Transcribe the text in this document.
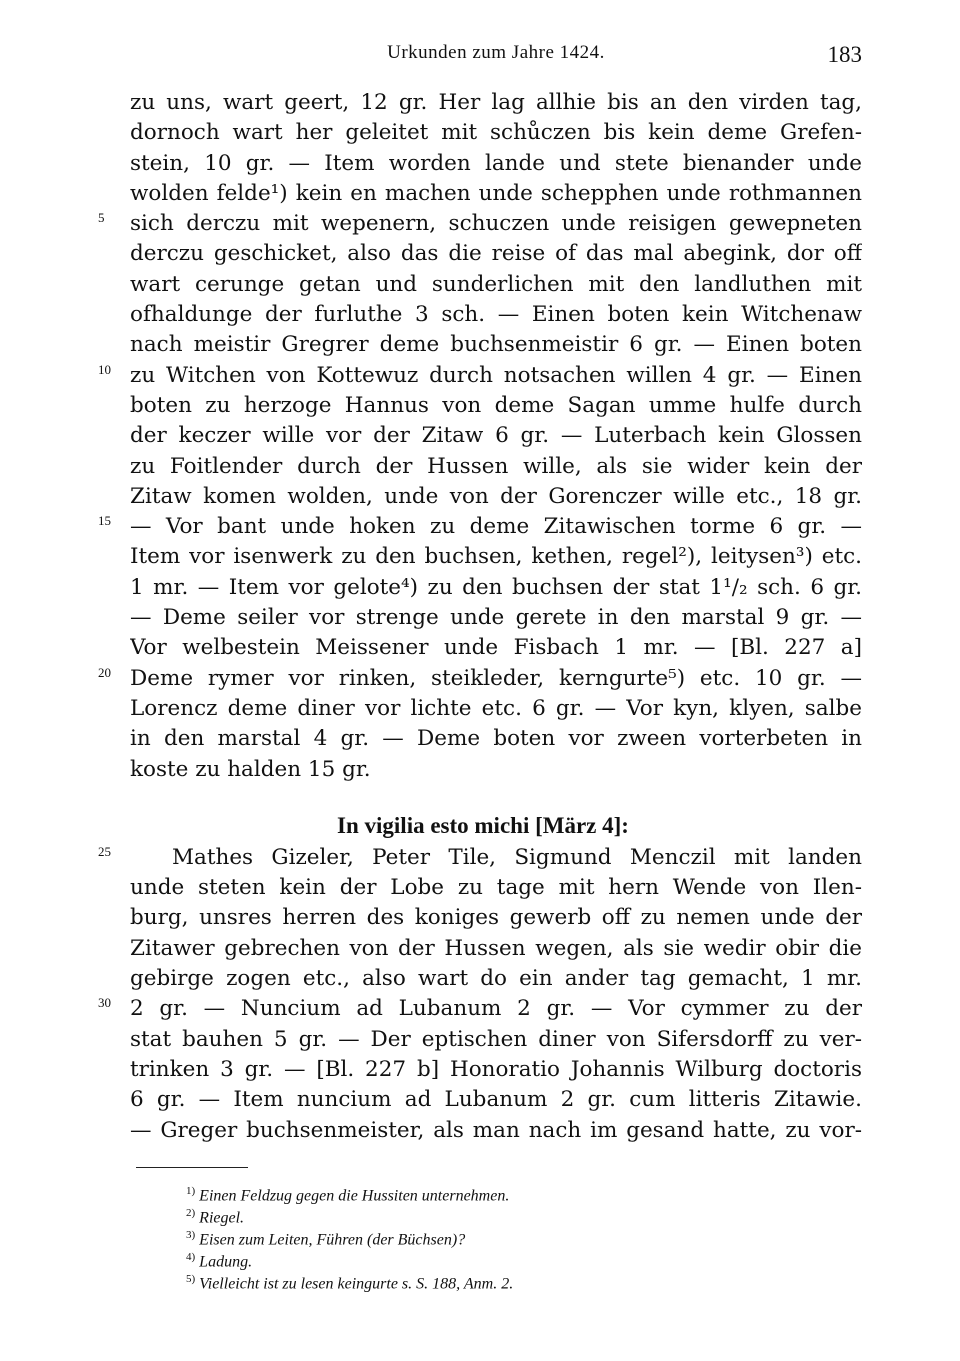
Urkunden zum Jahre 1424.	183
zu uns, wart geert, 12 gr. Her lag allhie bis an den virden tag,
dornoch wart her geleitet mit schůczen bis kein deme Grefen-
stein, 10 gr. — Item worden lande und stete bienander unde
wolden felde¹) kein en machen unde schepphen unde rothmannen
5 sich derczu mit wepenern, schuczen unde reisigen gewepneten
derczu geschicket, also das die reise of das mal abegink, dor off
wart cerunge getan und sunderlichen mit den landluthen mit
ofhaldunge der furluthe 3 sch. — Einen boten kein Witchenaw
nach meistir Gregrer deme buchsenmeistir 6 gr. — Einen boten
10 zu Witchen von Kottewuz durch notsachen willen 4 gr. — Einen
boten zu herzoge Hannus von deme Sagan umme hulfe durch
der keczer wille vor der Zitaw 6 gr. — Luterbach kein Glossen
zu Foitlender durch der Hussen wille, als sie wider kein der
Zitaw komen wolden, unde von der Gorenczer wille etc., 18 gr.
15 — Vor bant unde hoken zu deme Zitawischen torme 6 gr. —
Item vor isenwerk zu den buchsen, kethen, regel²), leitysen³) etc.
1 mr. — Item vor gelote⁴) zu den buchsen der stat 1¹/₂ sch. 6 gr.
— Deme seiler vor strenge unde gerete in den marstal 9 gr. —
Vor welbestein Meissener unde Fisbach 1 mr. — [Bl. 227 a]
20 Deme rymer vor rinken, steikleder, kerngurte⁵) etc. 10 gr. —
Lorencz deme diner vor lichte etc. 6 gr. — Vor kyn, klyen, salbe
in den marstal 4 gr. — Deme boten vor zween vorterbeten in
koste zu halden 15 gr.
In vigilia esto michi [März 4]:
25	Mathes Gizeler, Peter Tile, Sigmund Menczil mit landen
unde steten kein der Lobe zu tage mit hern Wende von Ilen-
burg, unsres herren des koniges gewerb off zu nemen unde der
Zitawer gebrechen von der Hussen wegen, als sie wedir obir die
gebirge zogen etc., also wart do ein ander tag gemacht, 1 mr.
30 2 gr. — Nuncium ad Lubanum 2 gr. — Vor cymmer zu der
stat bauhen 5 gr. — Der eptischen diner von Sifersdorff zu ver-
trinken 3 gr. — [Bl. 227 b] Honoratio Johannis Wilburg doctoris
6 gr. — Item nuncium ad Lubanum 2 gr. cum litteris Zitawie.
— Greger buchsenmeister, als man nach im gesand hatte, zu vor-
$^{1)}$ Einen Feldzug gegen die Hussiten unternehmen.
$^{2)}$ Riegel.
$^{3)}$ Eisen zum Leiten, Führen (der Büchsen)?
$^{4)}$ Ladung.
$^{5)}$ Vielleicht ist zu lesen keingurte s. S. 188, Anm. 2.
